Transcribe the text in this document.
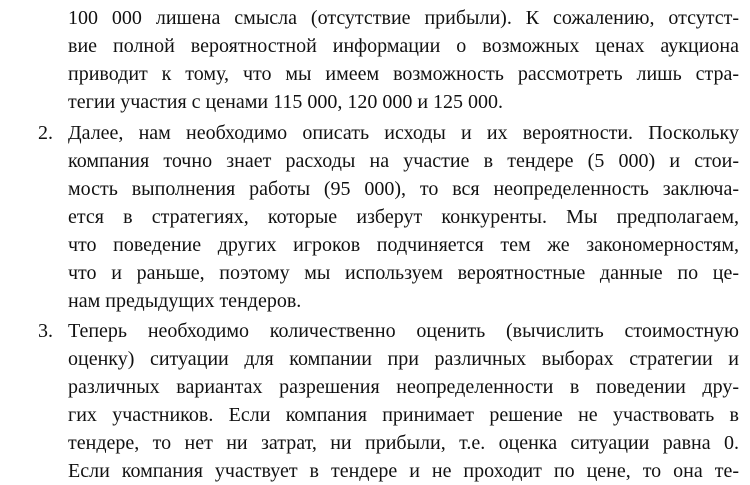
100 000 лишена смысла (отсутствие прибыли). К сожалению, отсутст-
вие полной вероятностной информации о возможных ценах аукциона
приводит к тому, что мы имеем возможность рассмотреть лишь стра-
тегии участия с ценами 115 000, 120 000 и 125 000.
2. Далее, нам необходимо описать исходы и их вероятности. Поскольку
компания точно знает расходы на участие в тендере (5 000) и стои-
мость выполнения работы (95 000), то вся неопределенность заключа-
ется в стратегиях, которые изберут конкуренты. Мы предполагаем,
что поведение других игроков подчиняется тем же закономерностям,
что и раньше, поэтому мы используем вероятностные данные по це-
нам предыдущих тендеров.
3. Теперь необходимо количественно оценить (вычислить стоимостную
оценку) ситуации для компании при различных выборах стратегии и
различных вариантах разрешения неопределенности в поведении дру-
гих участников. Если компания принимает решение не участвовать в
тендере, то нет ни затрат, ни прибыли, т.е. оценка ситуации равна 0.
Если компания участвует в тендере и не проходит по цене, то она те-
